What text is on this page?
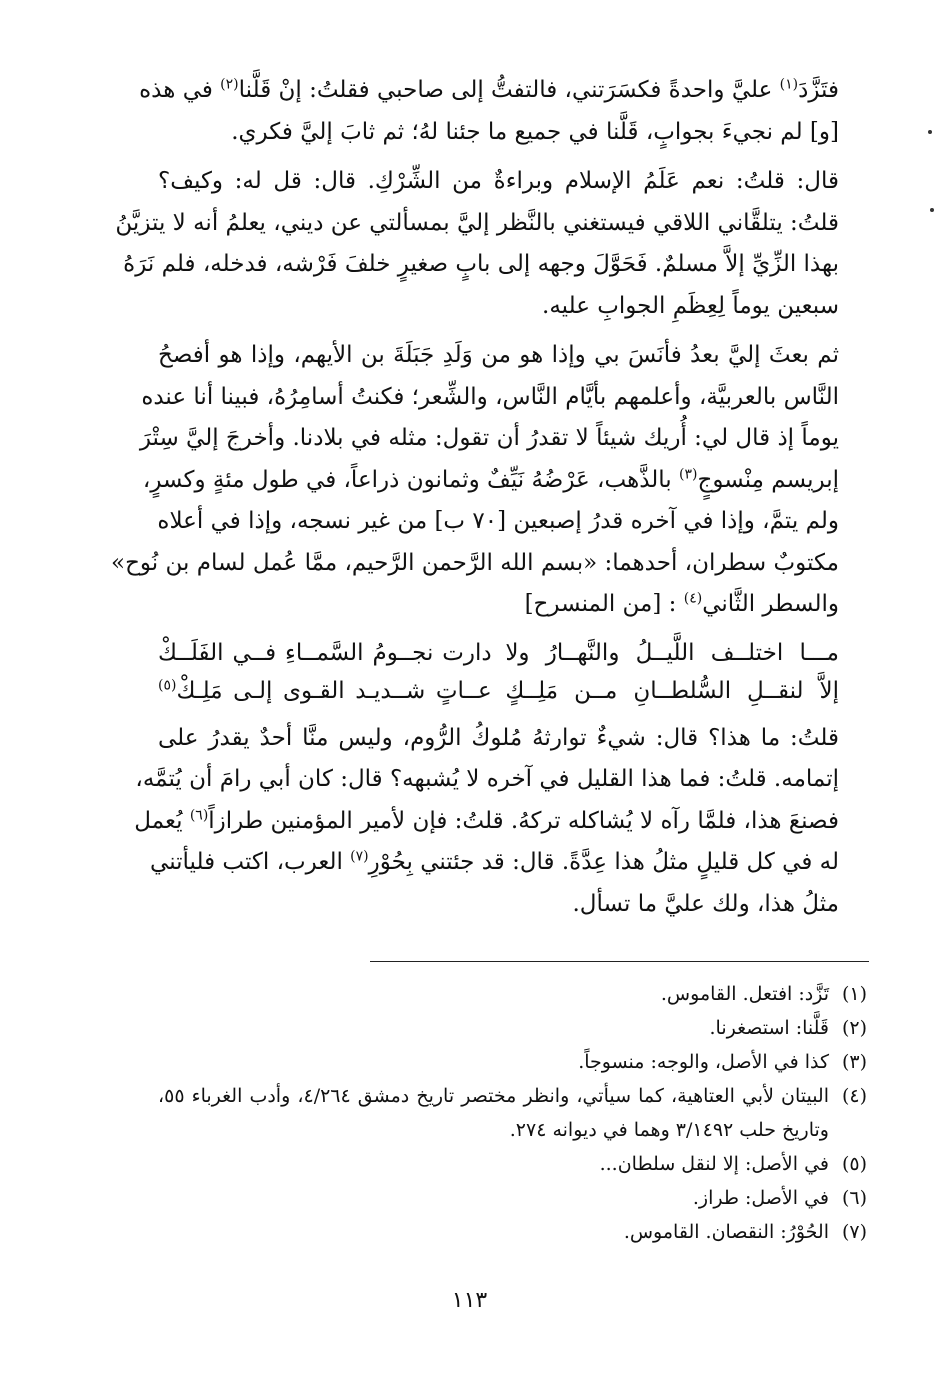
فتَزَّدَ$^{(١)}$ عليَّ واحدةً فكسَرَتني، فالتفتُّ إلى صاحبي فقلتُ: إنْ قَلَّنا$^{(٢)}$ في هذه
[و] لم نجيءَ بجوابٍ، قَلَّنا في جميع ما جئنا لهُ؛ ثم ثابَ إليَّ فكري.
قال: قلتُ: نعم عَلَمُ الإسلام وبراءةٌ من الشِّرْكِ. قال: قل له: وكيف؟
قلتُ: يتلقَّاني اللاقي فيستغني بالنَّظر إليَّ بمسألتي عن ديني، يعلمُ أنه لا يتزيَّنُ
بهذا الزِّيِّ إلاَّ مسلمٌ. فَحَوَّلَ وجهه إلى بابٍ صغيرٍ خلفَ فَرْشه، فدخله، فلم نَرَهُ
سبعين يوماً لِعِظَمِ الجوابِ عليه.
ثم بعثَ إليَّ بعدُ فأنَسَ بي وإذا هو من وَلَدِ جَبَلَةَ بن الأيهم، وإذا هو أفصحُ
النَّاس بالعربيَّة، وأعلمهم بأيَّام النَّاس، والشِّعر؛ فكنتُ أسامِرُهُ، فبينا أنا عنده
يوماً إذ قال لي: أُريك شيئاً لا تقدرُ أن تقول: مثله في بلادنا. وأخرجَ إليَّ سِتْرَ
إبريسم مِنْسوجٍ$^{(٣)}$ بالذَّهب، عَرْضُهُ نَيِّفٌ وثمانون ذراعاً، في طول مئةٍ وكسرٍ،
ولم يتمَّ، وإذا في آخره قدرُ إصبعين [٧٠ ب] من غير نسجه، وإذا في أعلاه
مكتوبٌ سطران، أحدهما: «بسم الله الرَّحمن الرَّحيم، ممَّا عُمل لسام بن نُوح»
والسطر الثَّاني$^{(٤)}$ : [من المنسرح]
مـــا اختلــف اللَّيــلُ والنَّهــارُ ولا
دارت نجــومُ السَّمــاءِ فــي الفَلَــكْ
إلاَّ لنقــلِ السُّلطــانِ مــن مَلِــكٍ
عــاتٍ شــديـد القـوى إلـى مَلِـكْ$^{(٥)}$
قلتُ: ما هذا؟ قال: شيءٌ توارثهُ مُلوكُ الرُّوم، وليس منَّا أحدٌ يقدرُ على
إتمامه. قلتُ: فما هذا القليل في آخره لا يُشبهه؟ قال: كان أبي رامَ أن يُتمَّه،
فصنعَ هذا، فلمَّا رآه لا يُشاكله تركهُ. قلتُ: فإن لأمير المؤمنين طرازاً$^{(٦)}$ يُعمل
له في كل قليلٍ مثلُ هذا عِدَّةً. قال: قد جئتني بِحُوْرِ$^{(٧)}$ العرب، اكتب فليأتني
مثلُ هذا، ولك عليَّ ما تسأل.
(١)
تَزَّد: افتعل. القاموس.
(٢)
قَلَّنا: استصغرنا.
(٣)
كذا في الأصل، والوجه: منسوجاً.
(٤)
البيتان لأبي العتاهية، كما سيأتي، وانظر مختصر تاريخ دمشق ٤/٢٦٤، وأدب الغرباء ٥٥، وتاريخ حلب ٣/١٤٩٢ وهما في ديوانه ٢٧٤.
(٥)
في الأصل: إلا لنقل سلطان...
(٦)
في الأصل: طراز.
(٧)
الحُوْرُ: النقصان. القاموس.
١١٣
